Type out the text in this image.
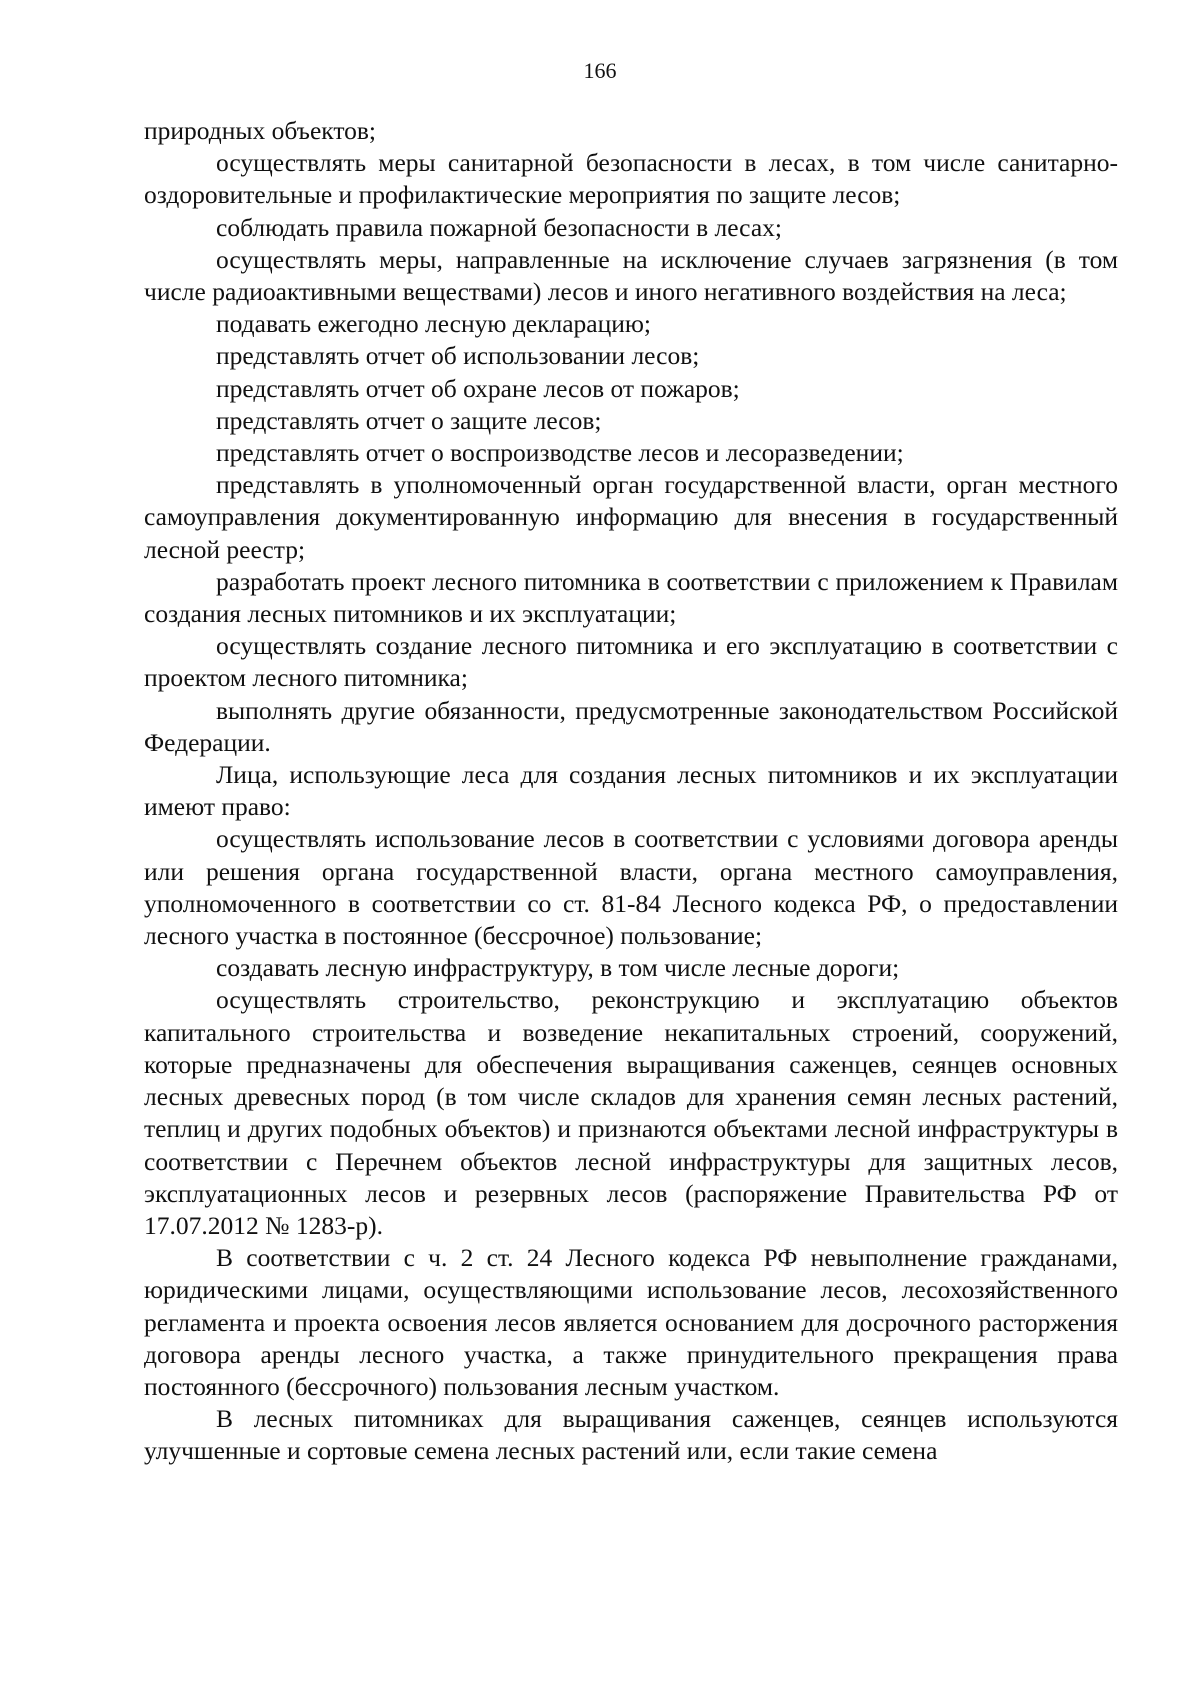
166

природных объектов;

осуществлять меры санитарной безопасности в лесах, в том числе санитарно- оздоровительные и профилактические мероприятия по защите лесов;

соблюдать правила пожарной безопасности в лесах;

осуществлять меры, направленные на исключение случаев загрязнения (в том числе радиоактивными веществами) лесов и иного негативного воздействия на леса;

подавать ежегодно лесную декларацию;

представлять отчет об использовании лесов;

представлять отчет об охране лесов от пожаров;

представлять отчет о защите лесов;

представлять отчет о воспроизводстве лесов и лесоразведении;

представлять в уполномоченный орган государственной власти, орган местного самоуправления документированную информацию для внесения в государственный лесной реестр;

разработать проект лесного питомника в соответствии с приложением к Правилам создания лесных питомников и их эксплуатации;

осуществлять создание лесного питомника и его эксплуатацию в соответствии с проектом лесного питомника;

выполнять другие обязанности, предусмотренные законодательством Российской Федерации.

Лица, использующие леса для создания лесных питомников и их эксплуатации имеют право:

осуществлять использование лесов в соответствии с условиями договора аренды или решения органа государственной власти, органа местного самоуправления, уполномоченного в соответствии со ст. 81-84 Лесного кодекса РФ, о предоставлении лесного участка в постоянное (бессрочное) пользование;

создавать лесную инфраструктуру, в том числе лесные дороги;

осуществлять строительство, реконструкцию и эксплуатацию объектов капитального строительства и возведение некапитальных строений, сооружений, которые предназначены для обеспечения выращивания саженцев, сеянцев основных лесных древесных пород (в том числе складов для хранения семян лесных растений, теплиц и других подобных объектов) и признаются объектами лесной инфраструктуры в соответствии с Перечнем объектов лесной инфраструктуры для защитных лесов, эксплуатационных лесов и резервных лесов (распоряжение Правительства РФ от 17.07.2012 № 1283-р).

В соответствии с ч. 2 ст. 24 Лесного кодекса РФ невыполнение гражданами, юридическими лицами, осуществляющими использование лесов, лесохозяйственного регламента и проекта освоения лесов является основанием для досрочного расторжения договора аренды лесного участка, а также принудительного прекращения права постоянного (бессрочного) пользования лесным участком.

В лесных питомниках для выращивания саженцев, сеянцев используются улучшенные и сортовые семена лесных растений или, если такие семена
